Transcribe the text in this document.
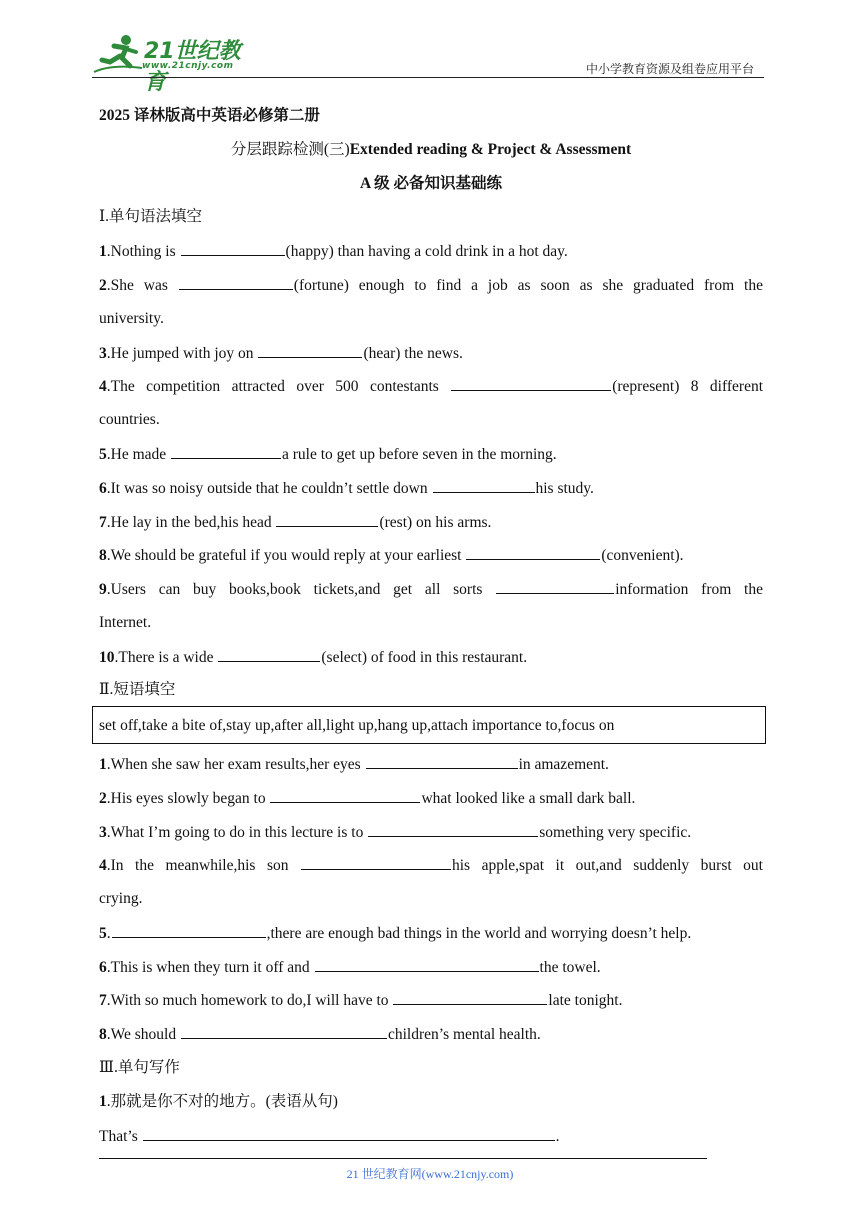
21世纪教育
www.21cnjy.com	中小学教育资源及组卷应用平台
2025 译林版高中英语必修第二册
分层跟踪检测(三)Extended reading & Project & Assessment
A 级 必备知识基础练
Ⅰ.单句语法填空
1.Nothing is	(happy) than having a cold drink in a hot day.
2.She was	(fortune) enough to find a job as soon as she graduated from the
university.
3.He jumped with joy on	(hear) the news.
4.The competition attracted over 500 contestants	(represent) 8 different
countries.
5.He made	a rule to get up before seven in the morning.
6.It was so noisy outside that he couldn’t settle down	his study.
7.He lay in the bed,his head	(rest) on his arms.
8.We should be grateful if you would reply at your earliest	(convenient).
9.Users can buy books,book tickets,and get all sorts	information from the
Internet.
10.There is a wide	(select) of food in this restaurant.
Ⅱ.短语填空
set off,take a bite of,stay up,after all,light up,hang up,attach importance to,focus on
1.When she saw her exam results,her eyes	in amazement.
2.His eyes slowly began to	what looked like a small dark ball.
3.What I’m going to do in this lecture is to	something very specific.
4.In the meanwhile,his son	his apple,spat it out,and suddenly burst out
crying.
5.	,there are enough bad things in the world and worrying doesn’t help.
6.This is when they turn it off and	the towel.
7.With so much homework to do,I will have to	late tonight.
8.We should	children’s mental health.
Ⅲ.单句写作
1.那就是你不对的地方。(表语从句)
That’s	.
21 世纪教育网(www.21cnjy.com)
